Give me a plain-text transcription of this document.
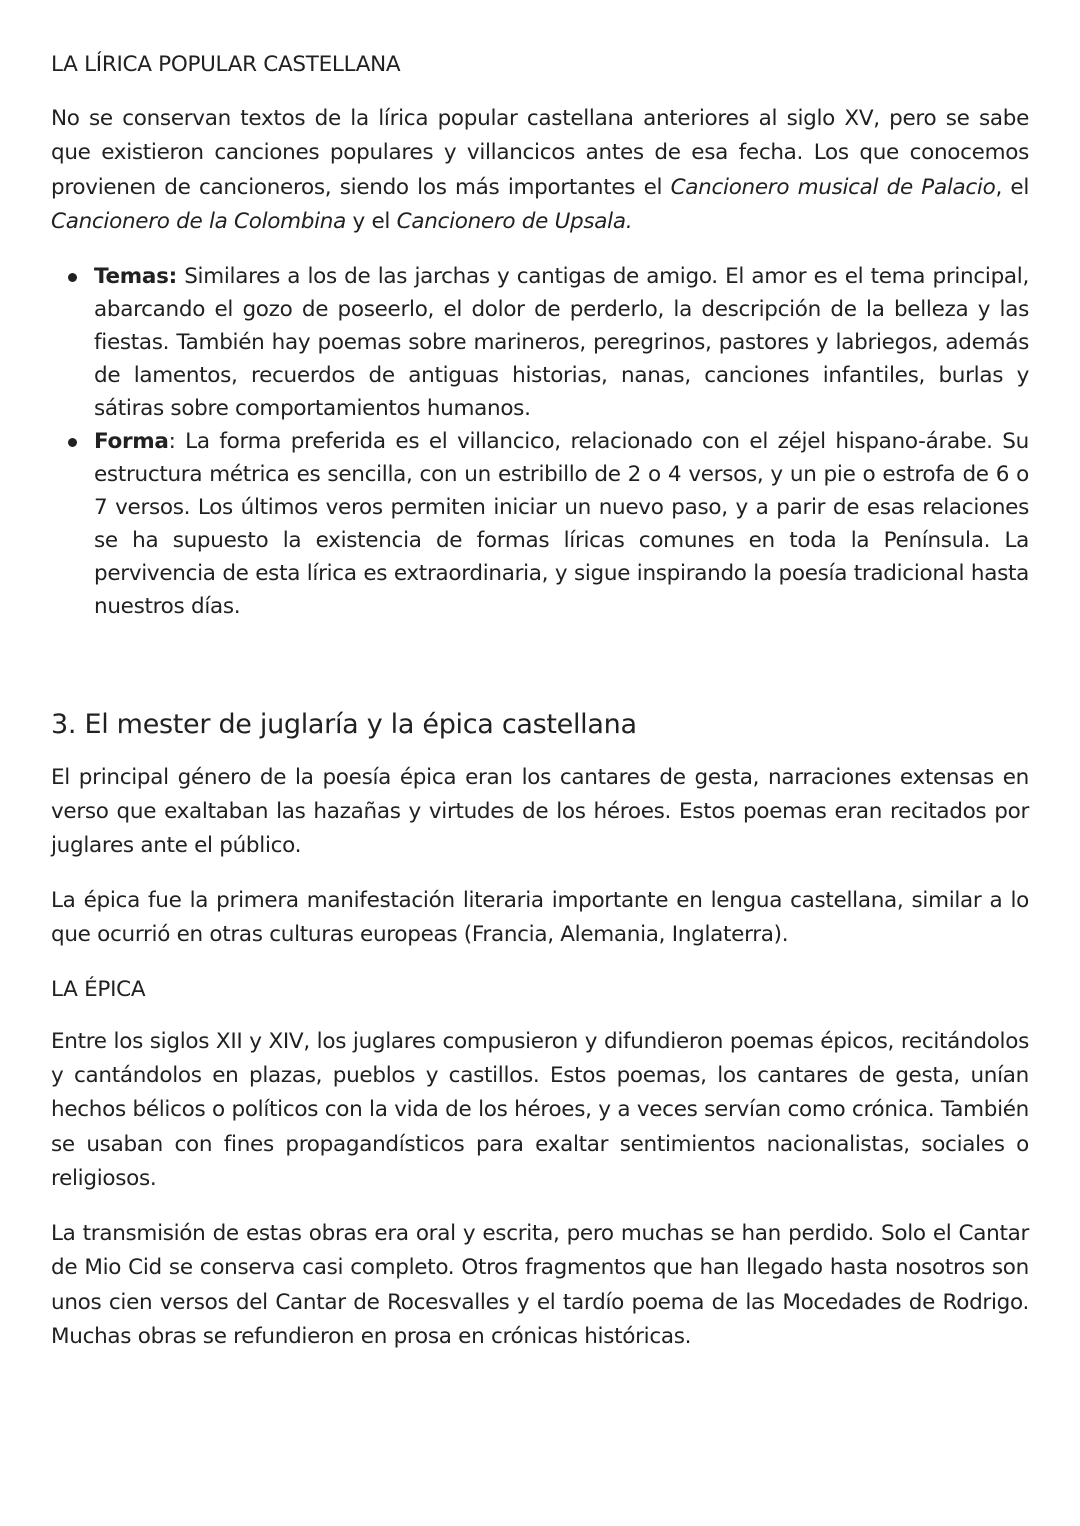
LA LÍRICA POPULAR CASTELLANA

No se conservan textos de la lírica popular castellana anteriores al siglo XV, pero se sabe que existieron canciones populares y villancicos antes de esa fecha. Los que conocemos provienen de cancioneros, siendo los más importantes el Cancionero musical de Palacio, el Cancionero de la Colombina y el Cancionero de Upsala.

Temas: Similares a los de las jarchas y cantigas de amigo. El amor es el tema principal, abarcando el gozo de poseerlo, el dolor de perderlo, la descripción de la belleza y las fiestas. También hay poemas sobre marineros, peregrinos, pastores y labriegos, además de lamentos, recuerdos de antiguas historias, nanas, canciones infantiles, burlas y sátiras sobre comportamientos humanos.
Forma: La forma preferida es el villancico, relacionado con el zéjel hispano-árabe. Su estructura métrica es sencilla, con un estribillo de 2 o 4 versos, y un pie o estrofa de 6 o 7 versos. Los últimos veros permiten iniciar un nuevo paso, y a parir de esas relaciones se ha supuesto la existencia de formas líricas comunes en toda la Península. La pervivencia de esta lírica es extraordinaria, y sigue inspirando la poesía tradicional hasta nuestros días.
3. El mester de juglaría y la épica castellana

El principal género de la poesía épica eran los cantares de gesta, narraciones extensas en verso que exaltaban las hazañas y virtudes de los héroes. Estos poemas eran recitados por juglares ante el público.

La épica fue la primera manifestación literaria importante en lengua castellana, similar a lo que ocurrió en otras culturas europeas (Francia, Alemania, Inglaterra).

LA ÉPICA

Entre los siglos XII y XIV, los juglares compusieron y difundieron poemas épicos, recitándolos y cantándolos en plazas, pueblos y castillos. Estos poemas, los cantares de gesta, unían hechos bélicos o políticos con la vida de los héroes, y a veces servían como crónica. También se usaban con fines propagandísticos para exaltar sentimientos nacionalistas, sociales o religiosos.

La transmisión de estas obras era oral y escrita, pero muchas se han perdido. Solo el Cantar de Mio Cid se conserva casi completo. Otros fragmentos que han llegado hasta nosotros son unos cien versos del Cantar de Rocesvalles y el tardío poema de las Mocedades de Rodrigo. Muchas obras se refundieron en prosa en crónicas históricas.
